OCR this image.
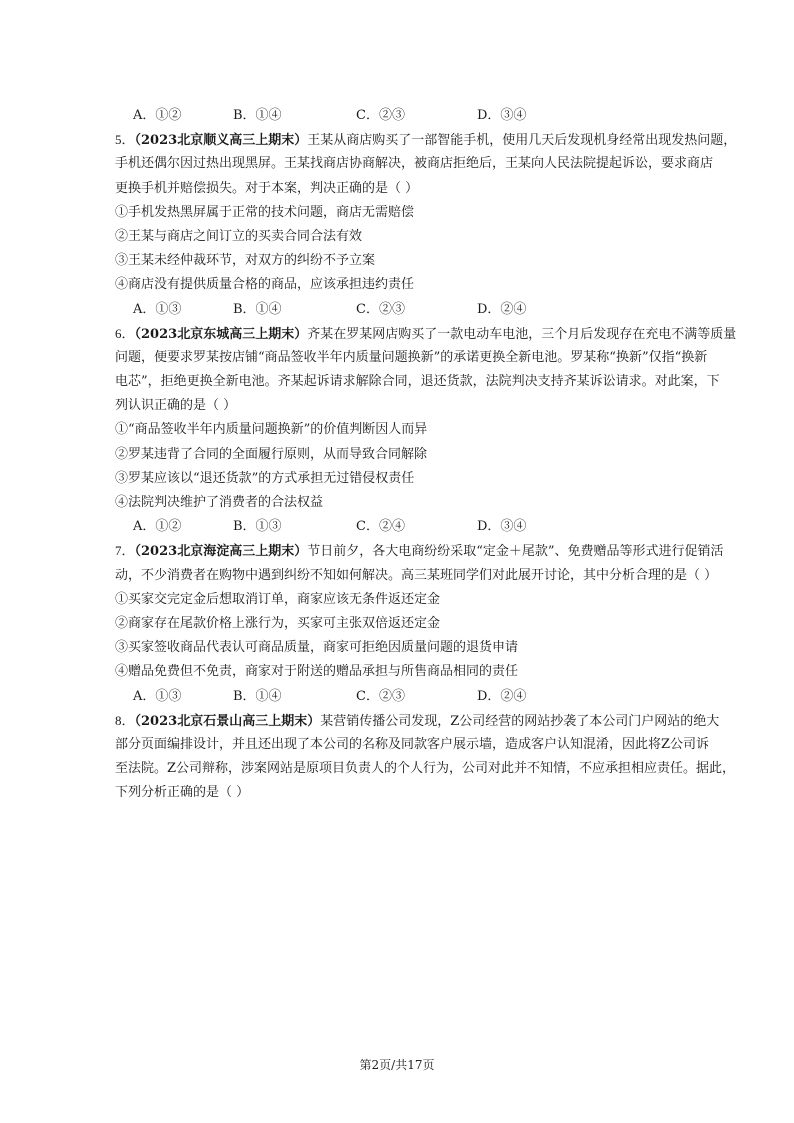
A．①②	B．①④	C．②③	D．③④
5．（2023北京顺义高三上期末）王某从商店购买了一部智能手机，使用几天后发现机身经常出现发热问题，
手机还偶尔因过热出现黑屏。王某找商店协商解决，被商店拒绝后，王某向人民法院提起诉讼，要求商店
更换手机并赔偿损失。对于本案，判决正确的是（ ）
①手机发热黑屏属于正常的技术问题，商店无需赔偿
②王某与商店之间订立的买卖合同合法有效
③王某未经仲裁环节，对双方的纠纷不予立案
④商店没有提供质量合格的商品，应该承担违约责任
A．①③	B．①④	C．②③	D．②④
6．（2023北京东城高三上期末）齐某在罗某网店购买了一款电动车电池，三个月后发现存在充电不满等质量
问题，便要求罗某按店铺“商品签收半年内质量问题换新”的承诺更换全新电池。罗某称“换新”仅指“换新
电芯”，拒绝更换全新电池。齐某起诉请求解除合同，退还货款，法院判决支持齐某诉讼请求。对此案，下
列认识正确的是（ ）
①“商品签收半年内质量问题换新”的价值判断因人而异
②罗某违背了合同的全面履行原则，从而导致合同解除
③罗某应该以“退还货款”的方式承担无过错侵权责任
④法院判决维护了消费者的合法权益
A．①②	B．①③	C．②④	D．③④
7．（2023北京海淀高三上期末）节日前夕，各大电商纷纷采取“定金＋尾款”、免费赠品等形式进行促销活
动，不少消费者在购物中遇到纠纷不知如何解决。高三某班同学们对此展开讨论，其中分析合理的是（ ）
①买家交完定金后想取消订单，商家应该无条件返还定金
②商家存在尾款价格上涨行为，买家可主张双倍返还定金
③买家签收商品代表认可商品质量，商家可拒绝因质量问题的退货申请
④赠品免费但不免责，商家对于附送的赠品承担与所售商品相同的责任
A．①③	B．①④	C．②③	D．②④
8．（2023北京石景山高三上期末）某营销传播公司发现，Z公司经营的网站抄袭了本公司门户网站的绝大
部分页面编排设计，并且还出现了本公司的名称及同款客户展示墙，造成客户认知混淆，因此将Z公司诉
至法院。Z公司辩称，涉案网站是原项目负责人的个人行为，公司对此并不知情，不应承担相应责任。据此，
下列分析正确的是（ ）
第2页/共17页
